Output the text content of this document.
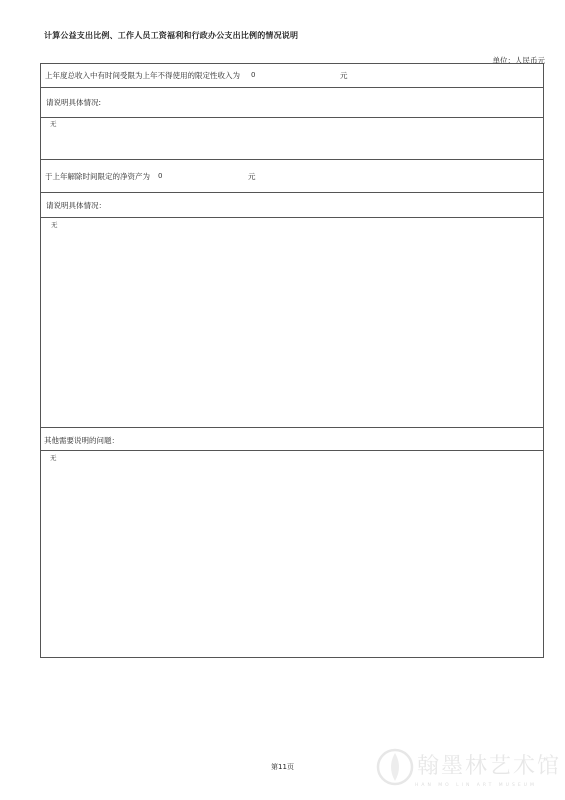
计算公益支出比例、工作人员工资福利和行政办公支出比例的情况说明
单位：人民币元
上年度总收入中有时间受限为上年不得使用的限定性收入为 0	元
请说明具体情况:
无
于上年解除时间限定的净资产为 0	元
请说明具体情况：
无
其他需要说明的问题：
无
第11页	翰墨林艺术馆
HAN MO LIN ART MUSEUM
